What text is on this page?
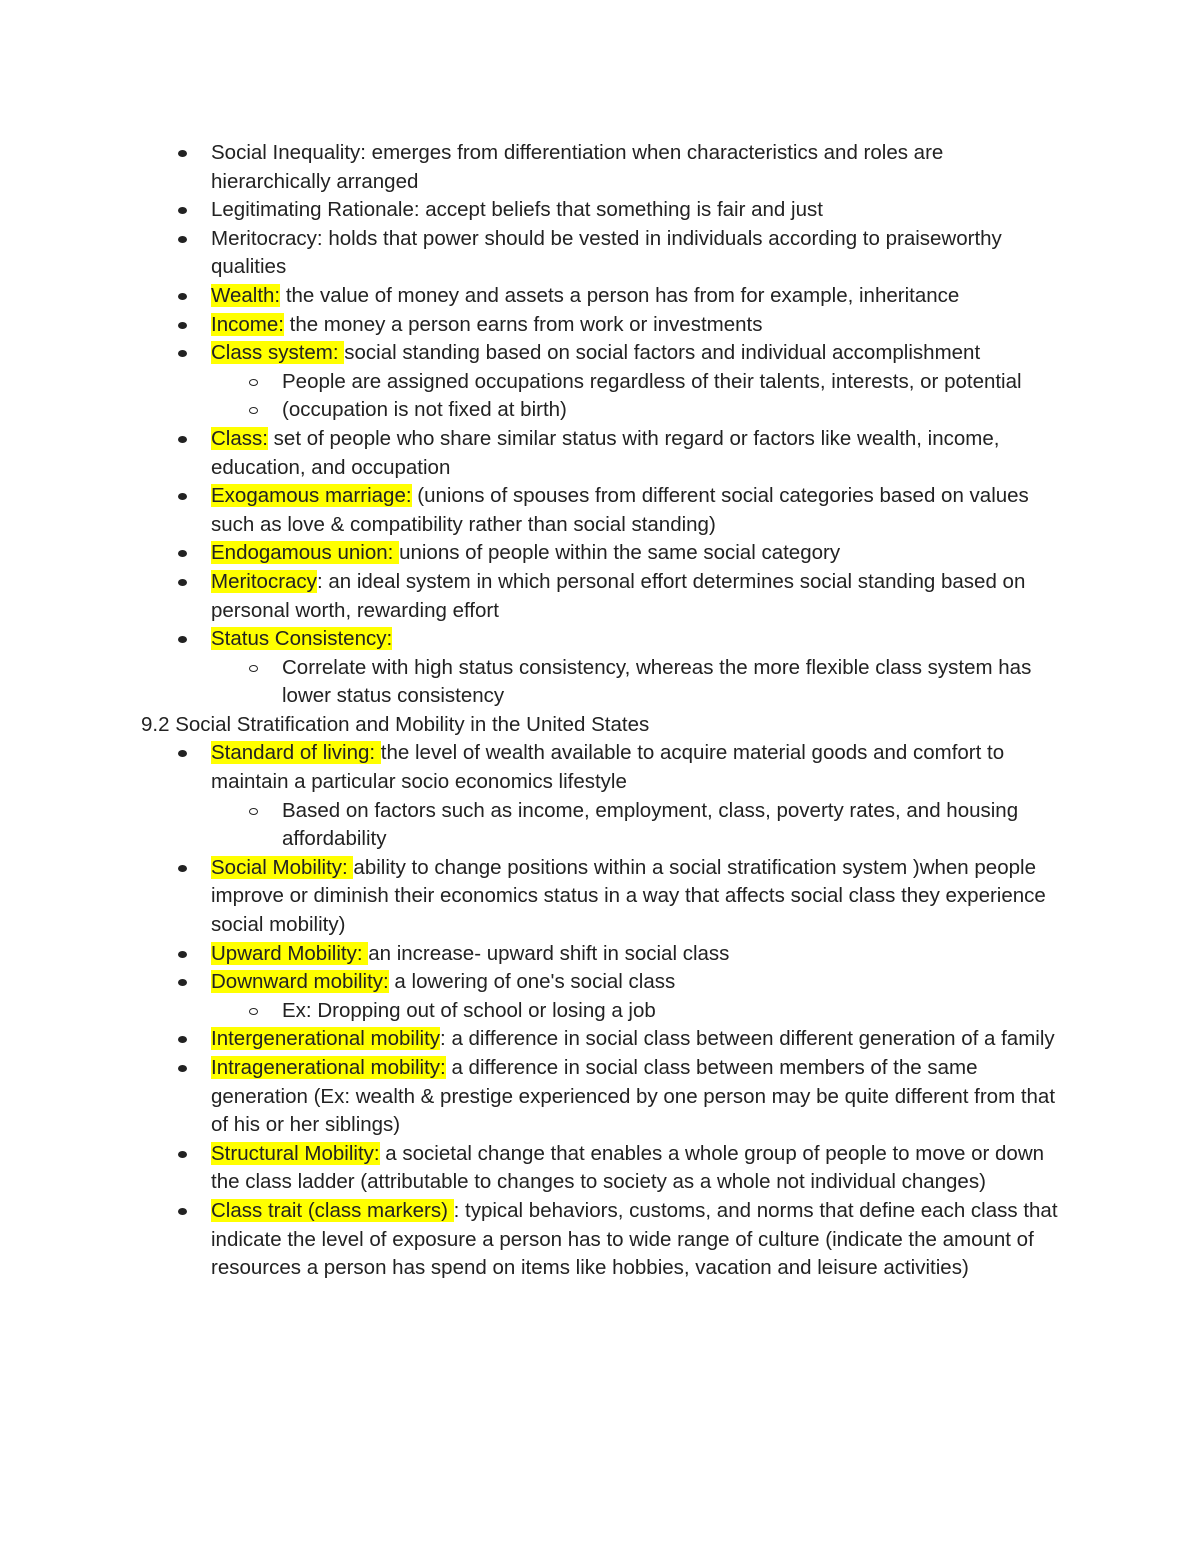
Social Inequality: emerges from differentiation when characteristics and roles are hierarchically arranged
Legitimating Rationale: accept beliefs that something is fair and just
Meritocracy: holds that power should be vested in individuals according to praiseworthy qualities
Wealth: the value of money and assets a person has from for example, inheritance
Income: the money a person earns from work or investments
Class system: social standing based on social factors and individual accomplishment
People are assigned occupations regardless of their talents, interests, or potential
(occupation is not fixed at birth)
Class: set of people who share similar status with regard or factors like wealth, income, education, and occupation
Exogamous marriage: (unions of spouses from different social categories based on values such as love & compatibility rather than social standing)
Endogamous union: unions of people within the same social category
Meritocracy: an ideal system in which personal effort determines social standing based on personal worth, rewarding effort
Status Consistency:
Correlate with high status consistency, whereas the more flexible class system has lower status consistency
9.2 Social Stratification and Mobility in the United States
Standard of living: the level of wealth available to acquire material goods and comfort to maintain a particular socio economics lifestyle
Based on factors such as income, employment, class, poverty rates, and housing affordability
Social Mobility: ability to change positions within a social stratification system )when people improve or diminish their economics status in a way that affects social class they experience social mobility)
Upward Mobility: an increase- upward shift in social class
Downward mobility: a lowering of one's social class
Ex: Dropping out of school or losing a job
Intergenerational mobility: a difference in social class between different generation of a family
Intragenerational mobility: a difference in social class between members of the same generation (Ex: wealth & prestige experienced by one person may be quite different from that of his or her siblings)
Structural Mobility: a societal change that enables a whole group of people to move or down the class ladder (attributable to changes to society as a whole not individual changes)
Class trait (class markers) : typical behaviors, customs, and norms that define each class that indicate the level of exposure a person has to wide range of culture (indicate the amount of resources a person has spend on items like hobbies, vacation and leisure activities)
